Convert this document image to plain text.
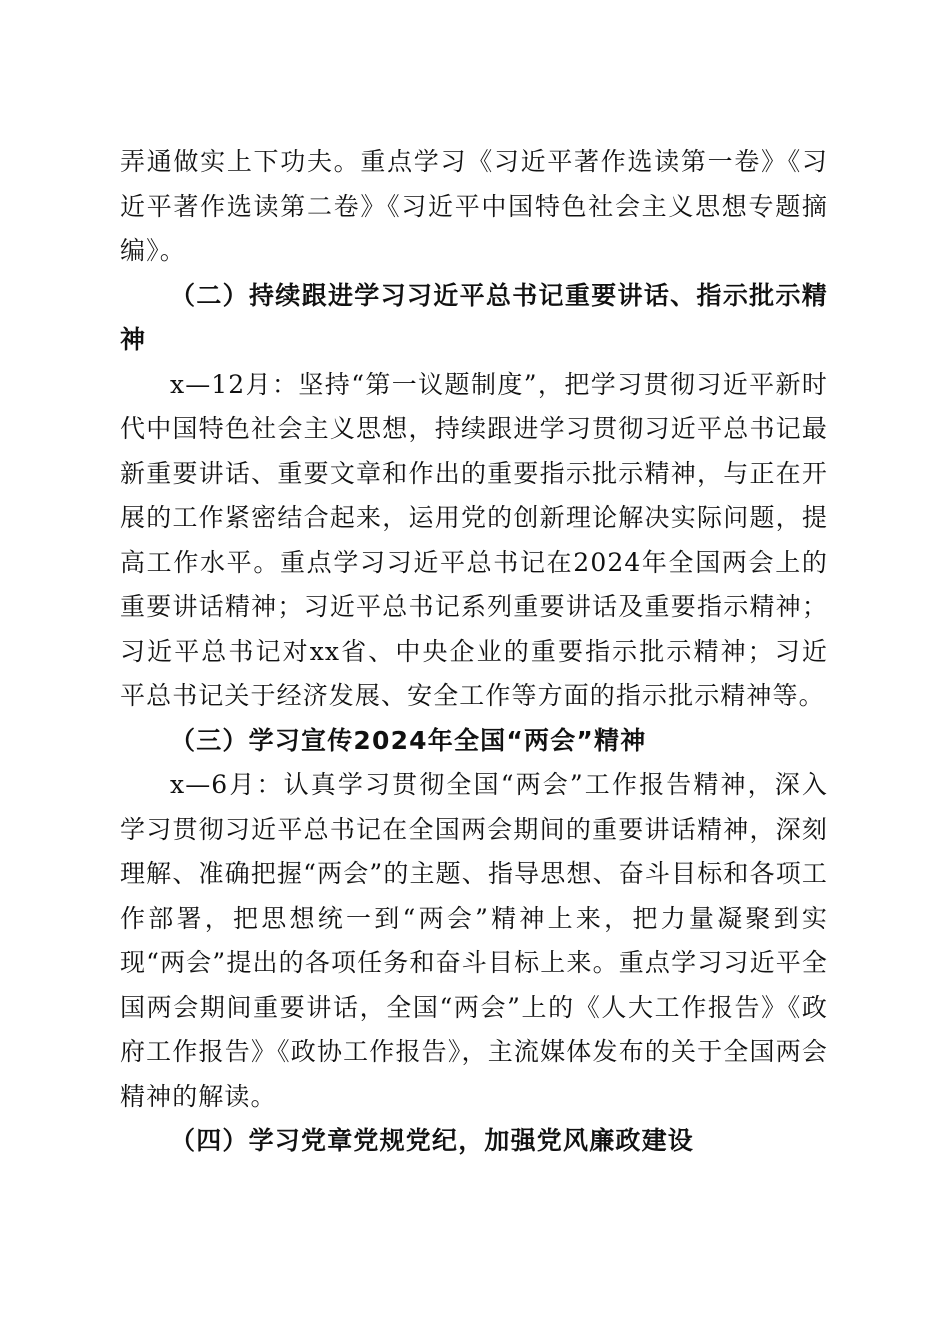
弄通做实上下功夫。重点学习《习近平著作选读第一卷》《习近平著作选读第二卷》《习近平中国特色社会主义思想专题摘编》。

（二）持续跟进学习习近平总书记重要讲话、指示批示精神

x—12月：坚持“第一议题制度”，把学习贯彻习近平新时代中国特色社会主义思想，持续跟进学习贯彻习近平总书记最新重要讲话、重要文章和作出的重要指示批示精神，与正在开展的工作紧密结合起来，运用党的创新理论解决实际问题，提高工作水平。重点学习习近平总书记在2024年全国两会上的重要讲话精神；习近平总书记系列重要讲话及重要指示精神；习近平总书记对xx省、中央企业的重要指示批示精神；习近平总书记关于经济发展、安全工作等方面的指示批示精神等。

（三）学习宣传2024年全国“两会”精神

x—6月：认真学习贯彻全国“两会”工作报告精神，深入学习贯彻习近平总书记在全国两会期间的重要讲话精神，深刻理解、准确把握“两会”的主题、指导思想、奋斗目标和各项工作部署，把思想统一到“两会”精神上来，把力量凝聚到实现“两会”提出的各项任务和奋斗目标上来。重点学习习近平全国两会期间重要讲话，全国“两会”上的《人大工作报告》《政府工作报告》《政协工作报告》，主流媒体发布的关于全国两会精神的解读。

（四）学习党章党规党纪，加强党风廉政建设
